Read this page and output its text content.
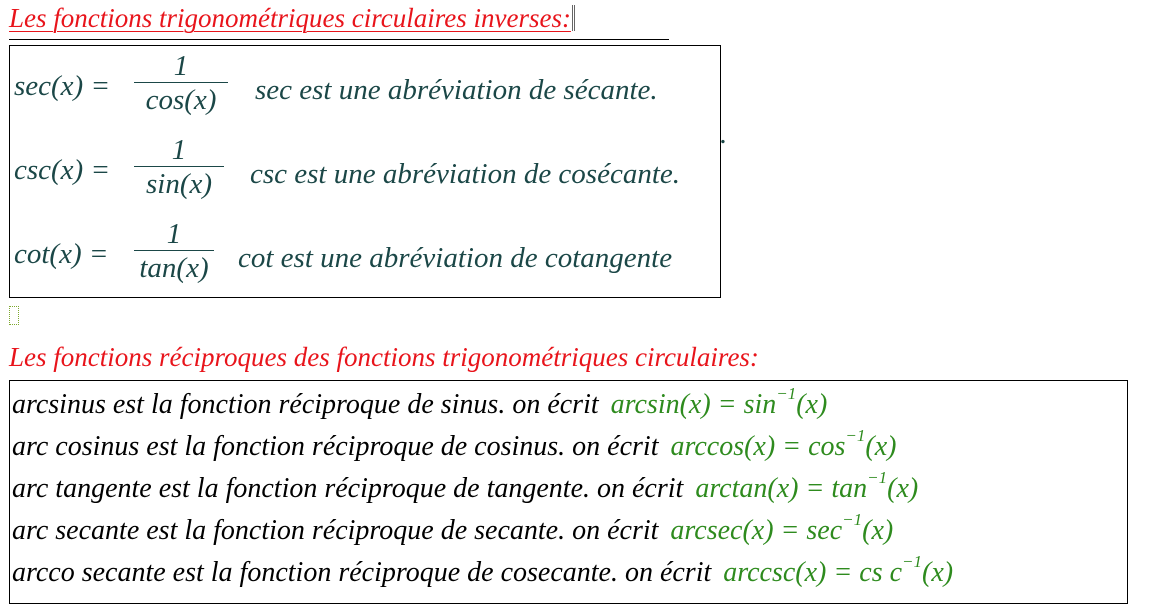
Les fonctions trigonométriques circulaires inverses:
sec(x) =
1
cos(x)	sec est une abréviation de sécante.
csc(x) =
1
sin(x)	csc est une abréviation de cosécante.
cot(x) =
1
tan(x) cot est une abréviation de cotangente
.
Les fonctions réciproques des fonctions trigonométriques circulaires:
arcsinus est la fonction réciproque de sinus. on écrit $\arcsin(x) = \sin^{-1}(x)$
arc cosinus est la fonction réciproque de cosinus. on écrit $\arccos(x) = \cos^{-1}(x)$
arc tangente est la fonction réciproque de tangente. on écrit $\arctan(x) = \tan^{-1}(x)$
arc secante est la fonction réciproque de secante. on écrit $arcsec(x) = \sec^{-1}(x)$
arcco secante est la fonction réciproque de cosecante. on écrit arccsc(x) = cs $c^{-1}(x)$
